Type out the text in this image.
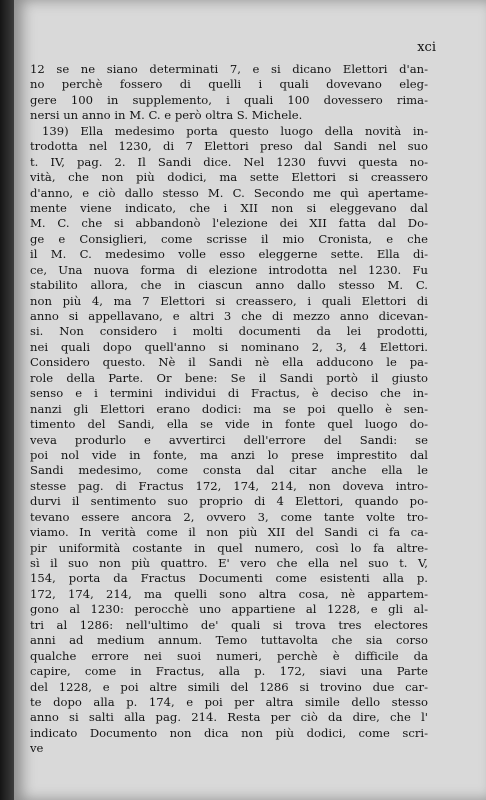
xci
12 se ne siano determinati 7, e si dicano Elettori d'an-
no perchè fossero di quelli i quali dovevano eleg-
gere 100 in supplemento, i quali 100 dovessero rima-
nersi un anno in M. C. e però oltra S. Michele.
139) Ella medesimo porta questo luogo della novità in-
trodotta nel 1230, di 7 Elettori preso dal Sandi nel suo
t. IV, pag. 2. Il Sandi dice. Nel 1230 fuvvi questa no-
vità, che non più dodici, ma sette Elettori si creassero
d'anno, e ciò dallo stesso M. C. Secondo me quì apertame-
mente viene indicato, che i XII non si eleggevano dal
M. C. che si abbandonò l'elezione dei XII fatta dal Do-
ge e Consiglieri, come scrisse il mio Cronista, e che
il M. C. medesimo volle esso eleggerne sette. Ella di-
ce, Una nuova forma di elezione introdotta nel 1230. Fu
stabilito allora, che in ciascun anno dallo stesso M. C.
non più 4, ma 7 Elettori si creassero, i quali Elettori di
anno si appellavano, e altri 3 che di mezzo anno dicevan-
si. Non considero i molti documenti da lei prodotti,
nei quali dopo quell'anno si nominano 2, 3, 4 Elettori.
Considero questo. Nè il Sandi nè ella adducono le pa-
role della Parte. Or bene: Se il Sandi portò il giusto
senso e i termini individui di Fractus, è deciso che in-
nanzi gli Elettori erano dodici: ma se poi quello è sen-
timento del Sandi, ella se vide in fonte quel luogo do-
veva produrlo e avvertirci dell'errore del Sandi: se
poi nol vide in fonte, ma anzi lo prese imprestito dal
Sandi medesimo, come consta dal citar anche ella le
stesse pag. di Fractus 172, 174, 214, non doveva intro-
durvi il sentimento suo proprio di 4 Elettori, quando po-
tevano essere ancora 2, ovvero 3, come tante volte tro-
viamo. In verità come il non più XII del Sandi ci fa ca-
pir uniformità costante in quel numero, così lo fa altre-
sì il suo non più quattro. E' vero che ella nel suo t. V,
154, porta da Fractus Documenti come esistenti alla p.
172, 174, 214, ma quelli sono altra cosa, nè appartem-
gono al 1230: perocchè uno appartiene al 1228, e gli al-
tri al 1286: nell'ultimo de' quali si trova tres electores
anni ad medium annum. Temo tuttavolta che sia corso
qualche errore nei suoi numeri, perchè è difficile da
capire, come in Fractus, alla p. 172, siavi una Parte
del 1228, e poi altre simili del 1286 si trovino due car-
te dopo alla p. 174, e poi per altra simile dello stesso
anno si salti alla pag. 214. Resta per ciò da dire, che l'
indicato Documento non dica non più dodici, come scri-
ve
